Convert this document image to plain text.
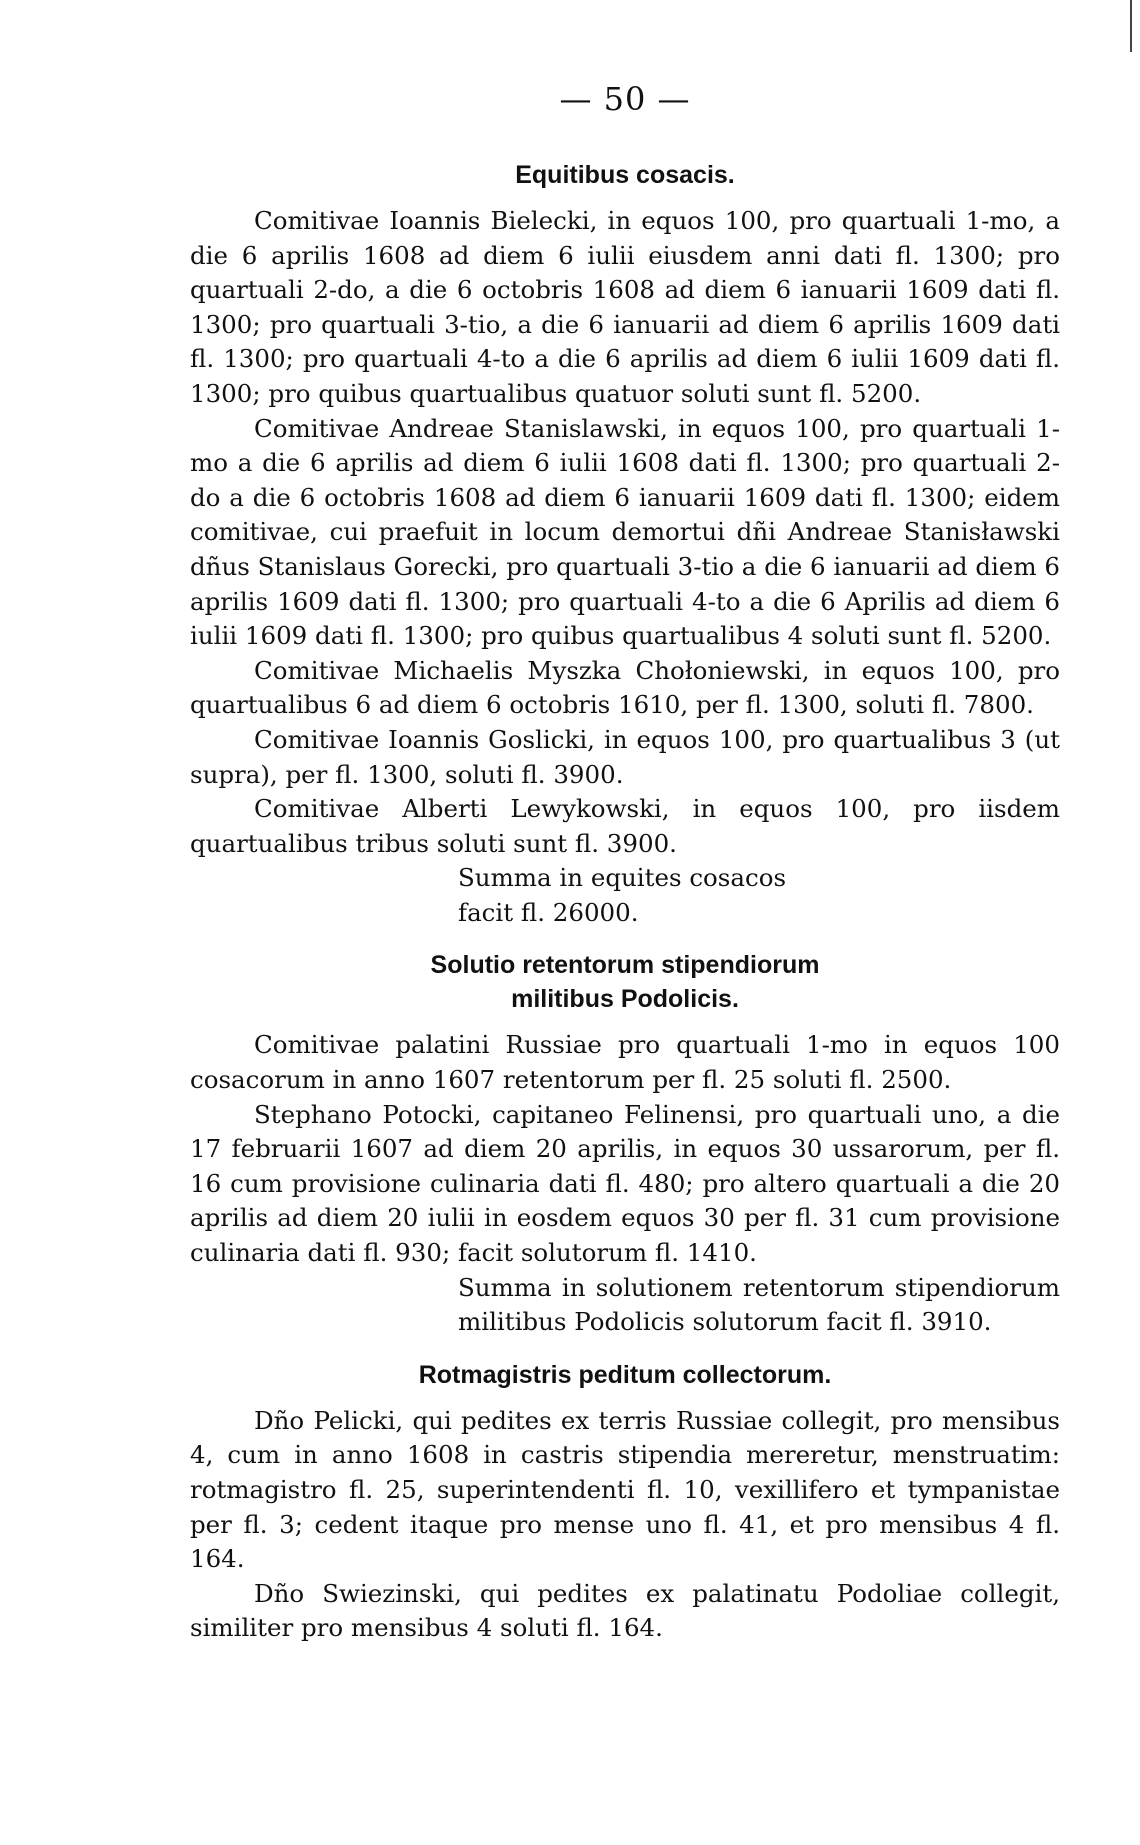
— 50 —
Equitibus cosacis.

Comitivae Ioannis Bielecki, in equos 100, pro quartuali 1-mo, a die 6 aprilis 1608 ad diem 6 iulii eiusdem anni dati fl. 1300; pro quartuali 2-do, a die 6 octobris 1608 ad diem 6 ianuarii 1609 dati fl. 1300; pro quartuali 3-tio, a die 6 ianuarii ad diem 6 aprilis 1609 dati fl. 1300; pro quartuali 4-to a die 6 aprilis ad diem 6 iulii 1609 dati fl. 1300; pro quibus quartualibus quatuor soluti sunt fl. 5200.

Comitivae Andreae Stanislawski, in equos 100, pro quartuali 1-mo a die 6 aprilis ad diem 6 iulii 1608 dati fl. 1300; pro quartuali 2-do a die 6 octobris 1608 ad diem 6 ianuarii 1609 dati fl. 1300; eidem comitivae, cui praefuit in locum demortui dñi Andreae Stanisławski dñus Stanislaus Gorecki, pro quartuali 3-tio a die 6 ianuarii ad diem 6 aprilis 1609 dati fl. 1300; pro quartuali 4-to a die 6 Aprilis ad diem 6 iulii 1609 dati fl. 1300; pro quibus quartualibus 4 soluti sunt fl. 5200.

Comitivae Michaelis Myszka Chołoniewski, in equos 100, pro quartualibus 6 ad diem 6 octobris 1610, per fl. 1300, soluti fl. 7800.

Comitivae Ioannis Goslicki, in equos 100, pro quartualibus 3 (ut supra), per fl. 1300, soluti fl. 3900.

Comitivae Alberti Lewykowski, in equos 100, pro iisdem quartualibus tribus soluti sunt fl. 3900.

Summa in equites cosacos

facit fl. 26000.

Solutio retentorum stipendiorum
militibus Podolicis.

Comitivae palatini Russiae pro quartuali 1-mo in equos 100 cosacorum in anno 1607 retentorum per fl. 25 soluti fl. 2500.

Stephano Potocki, capitaneo Felinensi, pro quartuali uno, a die 17 februarii 1607 ad diem 20 aprilis, in equos 30 ussarorum, per fl. 16 cum provisione culinaria dati fl. 480; pro altero quartuali a die 20 aprilis ad diem 20 iulii in eosdem equos 30 per fl. 31 cum provisione culinaria dati fl. 930; facit solutorum fl. 1410.

Summa in solutionem retentorum stipendiorum militibus Podolicis solutorum facit fl. 3910.

Rotmagistris peditum collectorum.

Dño Pelicki, qui pedites ex terris Russiae collegit, pro mensibus 4, cum in anno 1608 in castris stipendia mereretur, menstruatim: rotmagistro fl. 25, superintendenti fl. 10, vexillifero et tympanistae per fl. 3; cedent itaque pro mense uno fl. 41, et pro mensibus 4 fl. 164.

Dño Swiezinski, qui pedites ex palatinatu Podoliae collegit, similiter pro mensibus 4 soluti fl. 164.
